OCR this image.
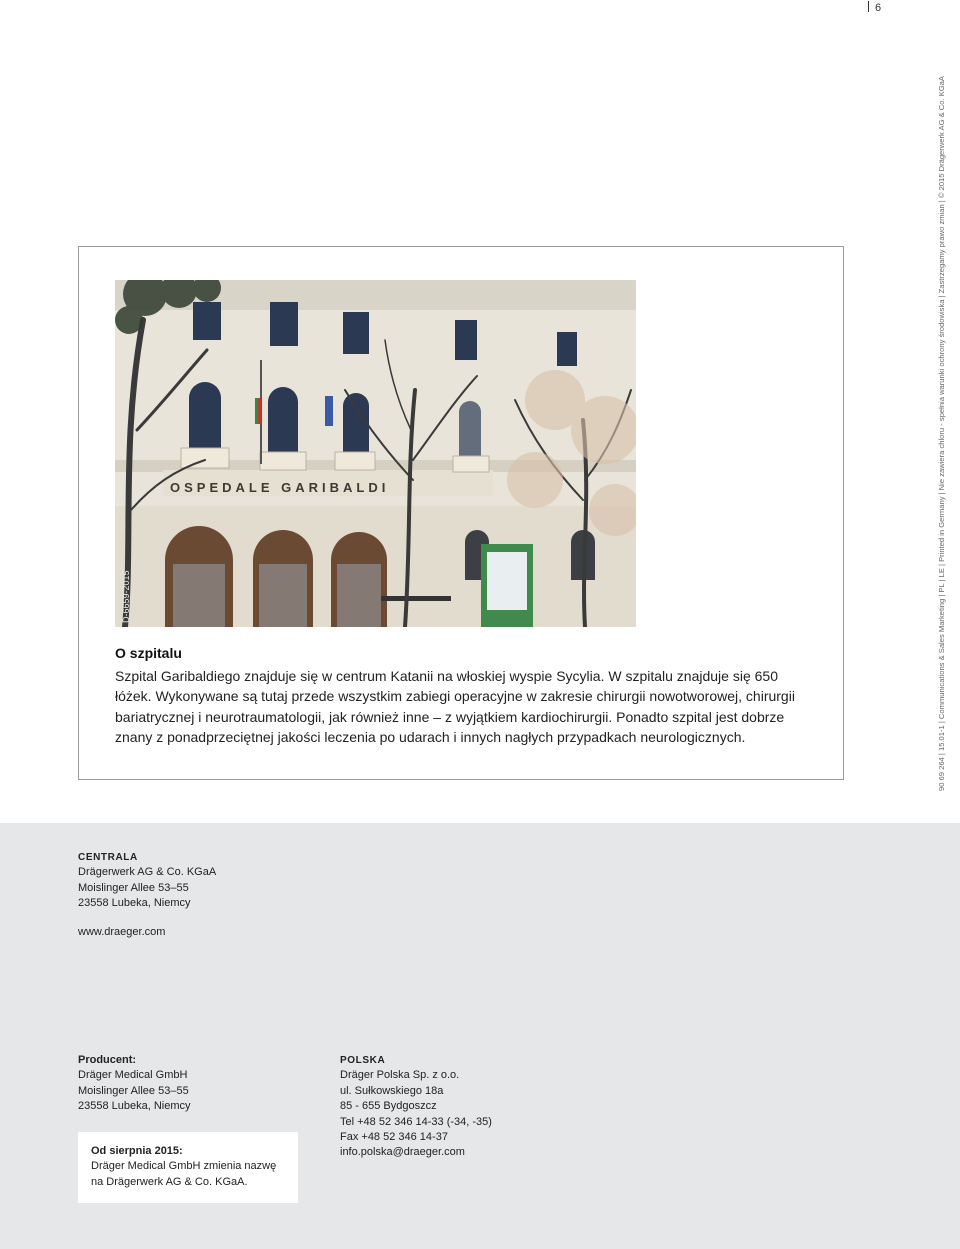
6
90 69 264 | 15.01-1 | Communications & Sales Marketing | PL | LE | Printed in Germany | Nie zawiera chloru - spełnia warunki ochrony środowiska | Zastrzegamy prawo zmian | © 2015 Drägerwerk AG & Co. KGaA
OSPEDALE GARIBALDI
D-6659-2015
O szpitalu
Szpital Garibaldiego znajduje się w centrum Katanii na włoskiej wyspie Sycylia. W szpitalu znajduje się 650 łóżek. Wykonywane są tutaj przede wszystkim zabiegi operacyjne w zakresie chirurgii nowotworowej, chirurgii bariatrycznej i neurotraumatologii, jak również inne – z wyjątkiem kardiochirurgii. Ponadto szpital jest dobrze znany z ponadprzeciętnej jakości leczenia po udarach i innych nagłych przypadkach neurologicznych.
CENTRALA
Drägerwerk AG & Co. KGaA
Moislinger Allee 53–55
23558 Lubeka, Niemcy
www.draeger.com
Producent:
Dräger Medical GmbH
Moislinger Allee 53–55
23558 Lubeka, Niemcy
Od sierpnia 2015:
Dräger Medical GmbH zmienia nazwę
na Drägerwerk AG & Co. KGaA.
POLSKA
Dräger Polska Sp. z o.o.
ul. Sułkowskiego 18a
85 - 655 Bydgoszcz
Tel +48 52 346 14-33 (-34, -35)
Fax +48 52 346 14-37
info.polska@draeger.com
